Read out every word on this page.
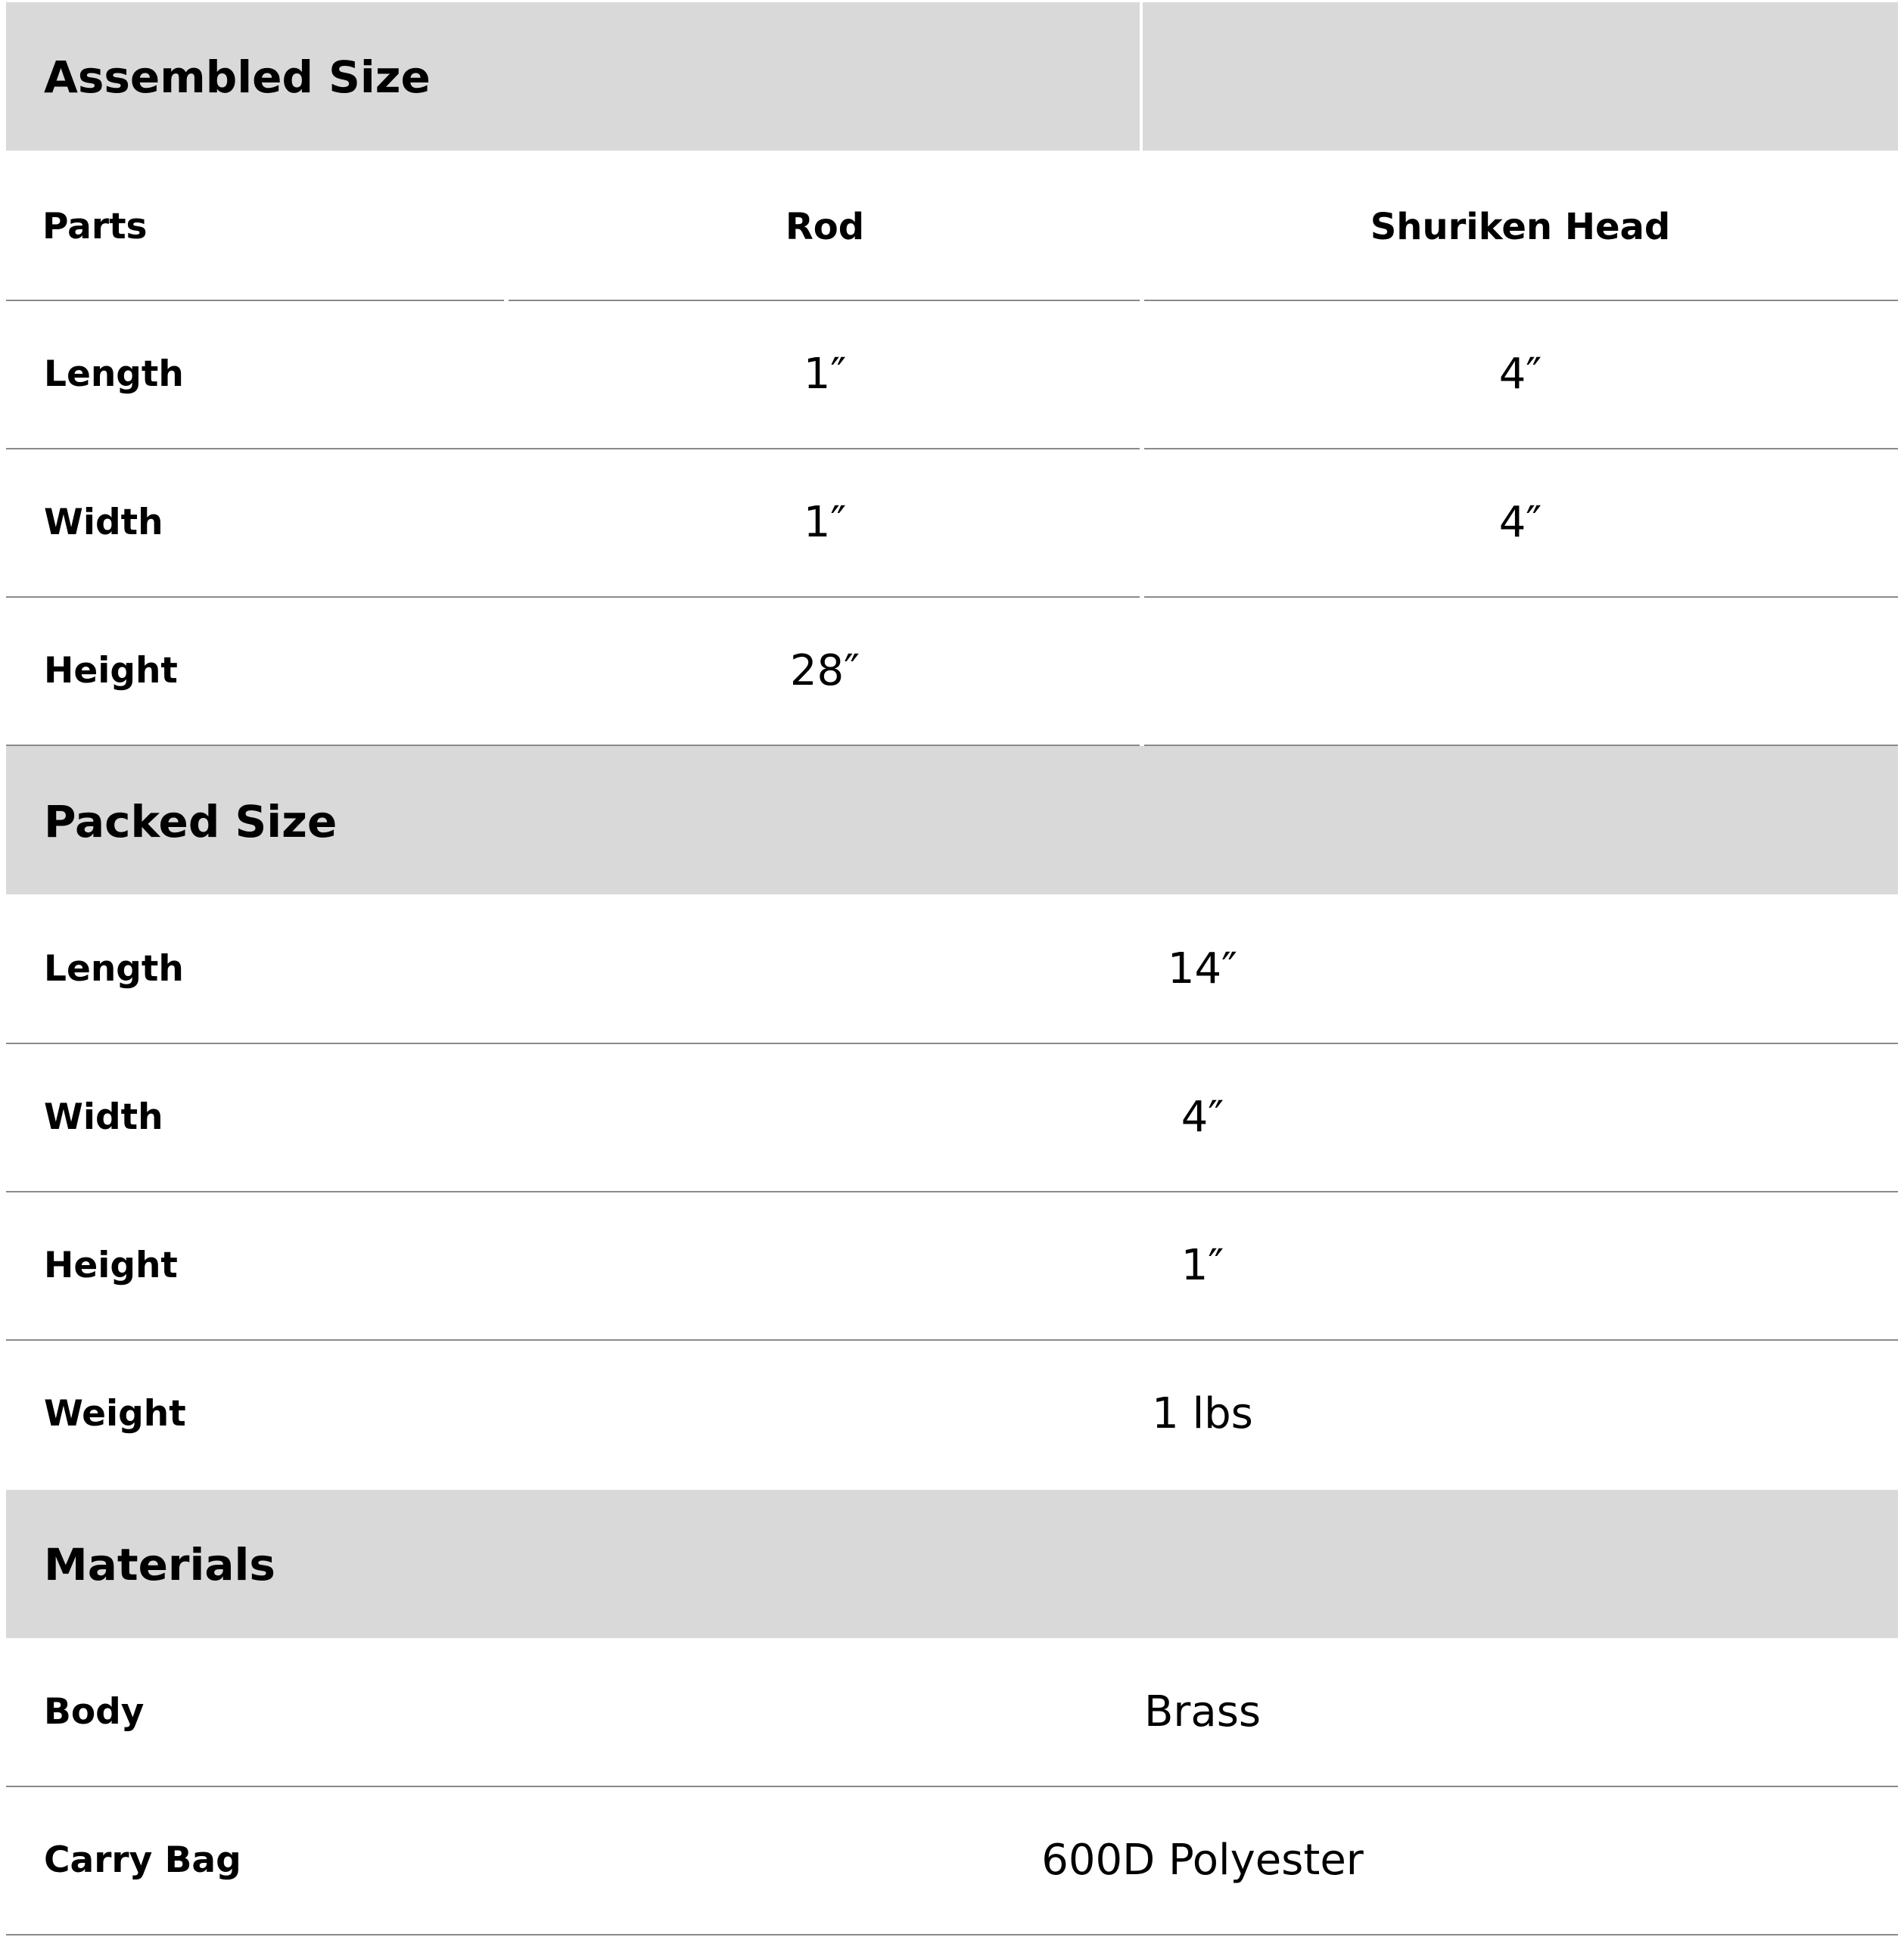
Assembled Size
Parts	Rod	Shuriken Head
Length	1″	4″
Width	1″	4″
Height	28″
Packed Size
Length	14″
Width	4″
Height	1″
Weight	1 lbs
Materials
Body	Brass
Carry Bag	600D Polyester
